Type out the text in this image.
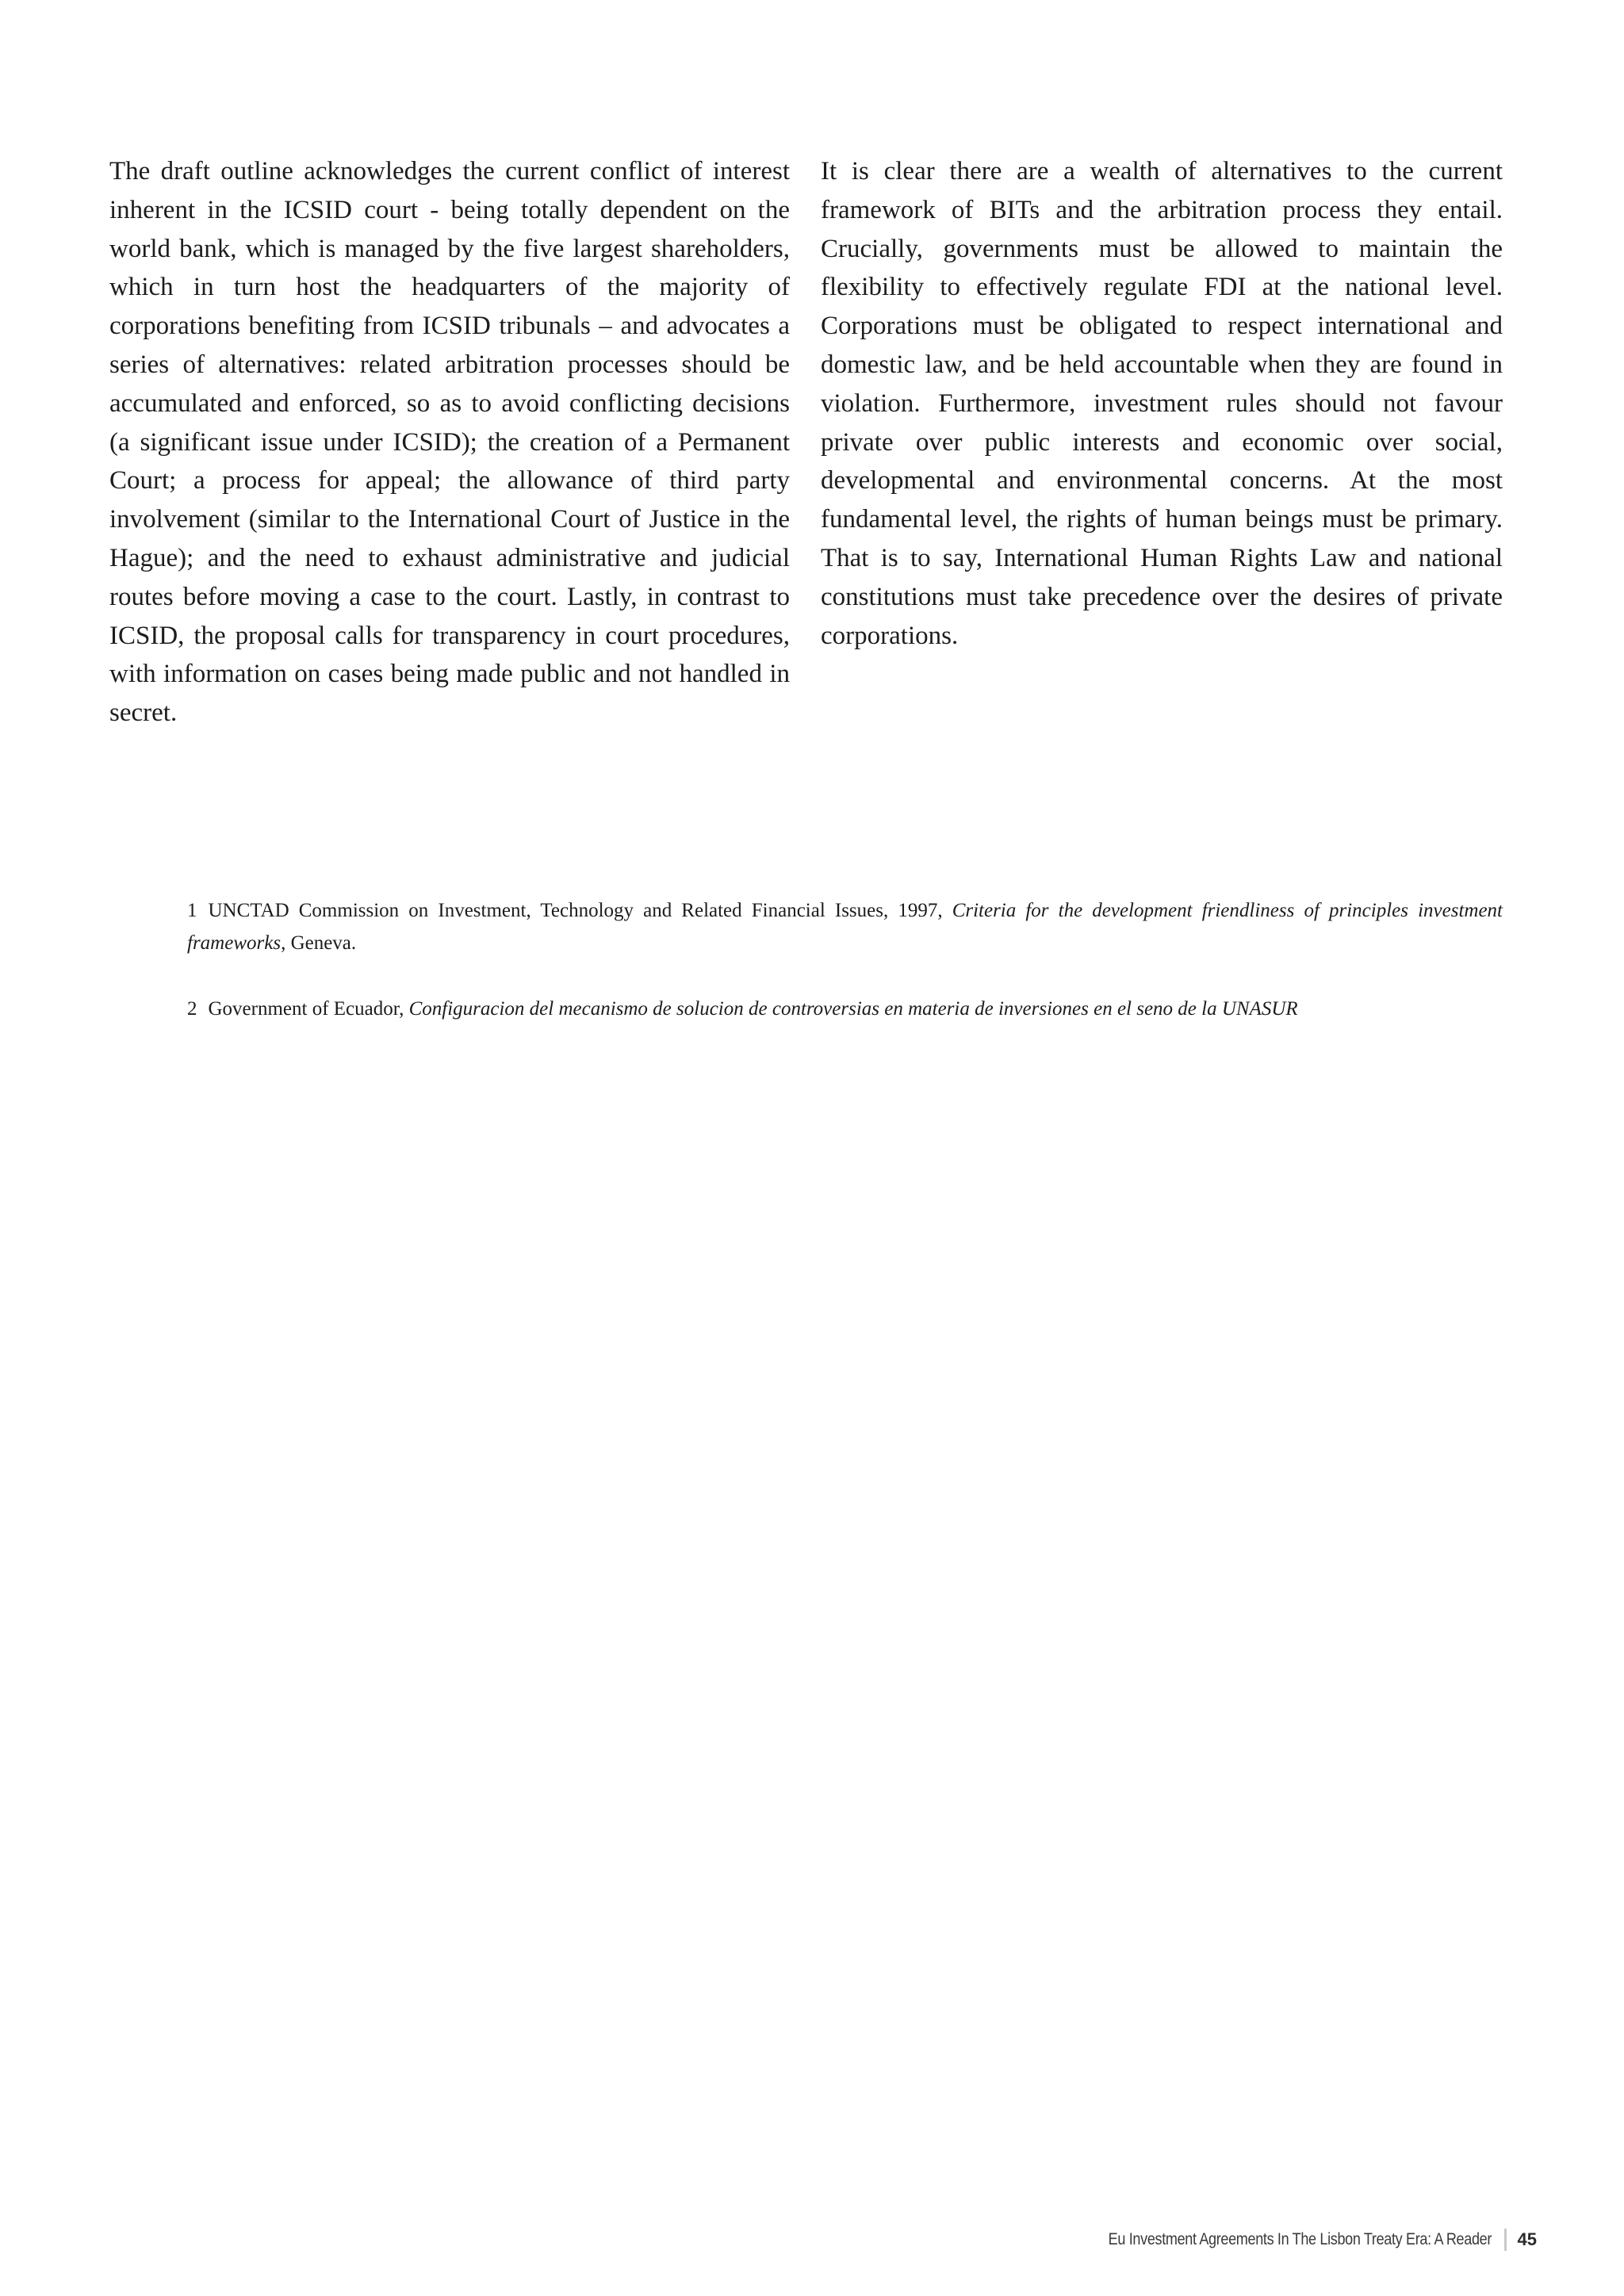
The draft outline acknowledges the current conflict of interest inherent in the ICSID court - being totally dependent on the world bank, which is managed by the five largest shareholders, which in turn host the headquarters of the majority of corporations benefiting from ICSID tribunals – and advocates a series of alternatives: related arbitration processes should be accumulated and enforced, so as to avoid conflicting decisions (a significant issue under ICSID); the creation of a Permanent Court; a process for appeal; the allowance of third party involvement (similar to the International Court of Justice in the Hague); and the need to exhaust administrative and judicial routes before moving a case to the court. Lastly, in contrast to ICSID, the proposal calls for transparency in court procedures, with information on cases being made public and not handled in secret.

It is clear there are a wealth of alternatives to the current framework of BITs and the arbitration process they entail. Crucially, governments must be allowed to maintain the flexibility to effectively regulate FDI at the national level. Corporations must be obligated to respect international and domestic law, and be held accountable when they are found in violation. Furthermore, investment rules should not favour private over public interests and economic over social, developmental and environmental concerns. At the most fundamental level, the rights of human beings must be primary. That is to say, International Human Rights Law and national constitutions must take precedence over the desires of private corporations.

1 UNCTAD Commission on Investment, Technology and Related Financial Issues, 1997, Criteria for the development friendliness of principles investment frameworks, Geneva.

2 Government of Ecuador, Configuracion del mecanismo de solucion de controversias en materia de inversiones en el seno de la UNASUR

Eu Investment Agreements In The Lisbon Treaty Era: A Reader 45
